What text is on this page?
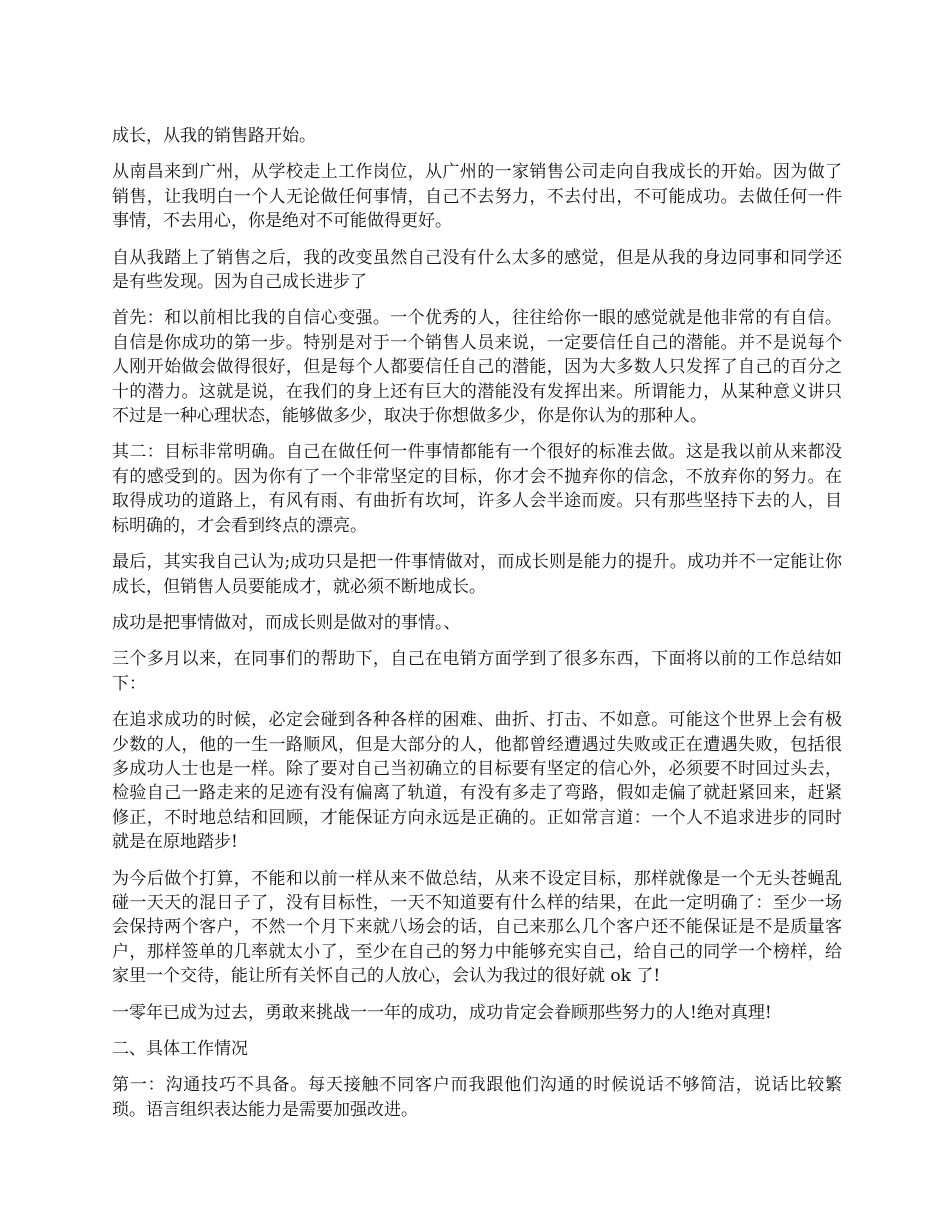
成长，从我的销售路开始。

从南昌来到广州，从学校走上工作岗位，从广州的一家销售公司走向自我成长的开始。因为做了销售，让我明白一个人无论做任何事情，自己不去努力，不去付出，不可能成功。去做任何一件事情，不去用心，你是绝对不可能做得更好。

自从我踏上了销售之后，我的改变虽然自己没有什么太多的感觉，但是从我的身边同事和同学还是有些发现。因为自己成长进步了

首先：和以前相比我的自信心变强。一个优秀的人，往往给你一眼的感觉就是他非常的有自信。自信是你成功的第一步。特别是对于一个销售人员来说，一定要信任自己的潜能。并不是说每个人刚开始做会做得很好，但是每个人都要信任自己的潜能，因为大多数人只发挥了自己的百分之十的潜力。这就是说，在我们的身上还有巨大的潜能没有发挥出来。所谓能力，从某种意义讲只不过是一种心理状态，能够做多少，取决于你想做多少，你是你认为的那种人。

其二：目标非常明确。自己在做任何一件事情都能有一个很好的标准去做。这是我以前从来都没有的感受到的。因为你有了一个非常坚定的目标，你才会不抛弃你的信念，不放弃你的努力。在取得成功的道路上，有风有雨、有曲折有坎坷，许多人会半途而废。只有那些坚持下去的人，目标明确的，才会看到终点的漂亮。

最后，其实我自己认为;成功只是把一件事情做对，而成长则是能力的提升。成功并不一定能让你成长，但销售人员要能成才，就必须不断地成长。

成功是把事情做对，而成长则是做对的事情。、

三个多月以来，在同事们的帮助下，自己在电销方面学到了很多东西，下面将以前的工作总结如下：

在追求成功的时候，必定会碰到各种各样的困难、曲折、打击、不如意。可能这个世界上会有极少数的人，他的一生一路顺风，但是大部分的人，他都曾经遭遇过失败或正在遭遇失败，包括很多成功人士也是一样。除了要对自己当初确立的目标要有坚定的信心外，必须要不时回过头去，检验自己一路走来的足迹有没有偏离了轨道，有没有多走了弯路，假如走偏了就赶紧回来，赶紧修正，不时地总结和回顾，才能保证方向永远是正确的。正如常言道：一个人不追求进步的同时就是在原地踏步!

为今后做个打算，不能和以前一样从来不做总结，从来不设定目标，那样就像是一个无头苍蝇乱碰一天天的混日子了，没有目标性，一天不知道要有什么样的结果，在此一定明确了：至少一场会保持两个客户，不然一个月下来就八场会的话，自己来那么几个客户还不能保证是不是质量客户，那样签单的几率就太小了，至少在自己的努力中能够充实自己，给自己的同学一个榜样，给家里一个交待，能让所有关怀自己的人放心，会认为我过的很好就 ok 了!

一零年已成为过去，勇敢来挑战一一年的成功，成功肯定会眷顾那些努力的人!绝对真理!

二、具体工作情况

第一：沟通技巧不具备。每天接触不同客户而我跟他们沟通的时候说话不够简洁，说话比较繁琐。语言组织表达能力是需要加强改进。
